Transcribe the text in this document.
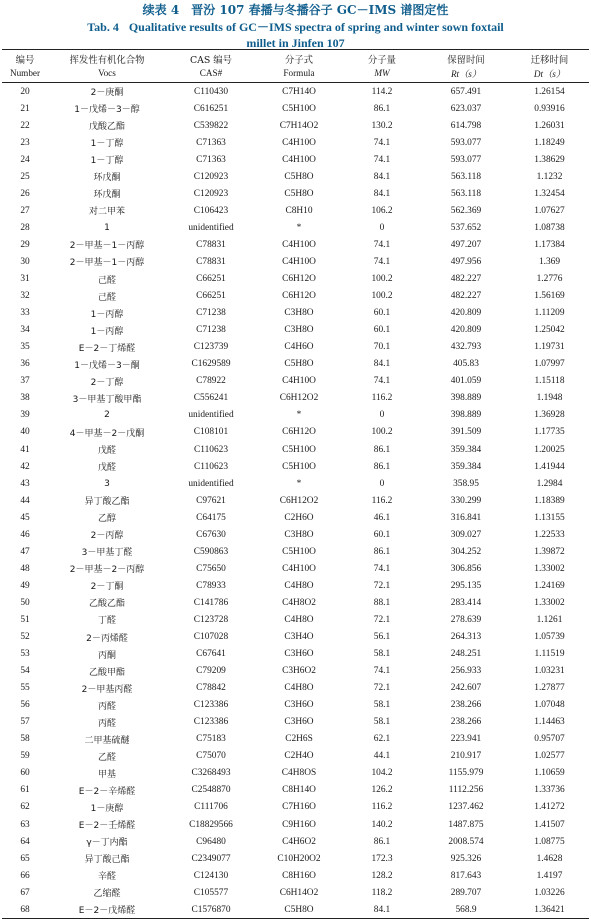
续表 4　晋汾 107 春播与冬播谷子 GC－IMS 谱图定性
Tab. 4 Qualitative results of GC－IMS spectra of spring and winter sown foxtail
millet in Jinfen 107
编号	挥发性有机化合物	CAS 编号	分子式	分子量	保留时间	迁移时间
Number	Vocs	CAS#	Formula	MW	Rt（s）	Dt（s）
20	2－庚酮	C110430	C7H14O	114.2	657.491	1.26154
21	1－戊烯－3－醇	C616251	C5H10O	86.1	623.037	0.93916
22	戊酸乙酯	C539822	C7H14O2	130.2	614.798	1.26031
23	1－丁醇	C71363	C4H10O	74.1	593.077	1.18249
24	1－丁醇	C71363	C4H10O	74.1	593.077	1.38629
25	环戊酮	C120923	C5H8O	84.1	563.118	1.1232
26	环戊酮	C120923	C5H8O	84.1	563.118	1.32454
27	对二甲苯	C106423	C8H10	106.2	562.369	1.07627
28	1	unidentified	*	0	537.652	1.08738
29	2－甲基－1－丙醇	C78831	C4H10O	74.1	497.207	1.17384
30	2－甲基－1－丙醇	C78831	C4H10O	74.1	497.956	1.369
31	己醛	C66251	C6H12O	100.2	482.227	1.2776
32	己醛	C66251	C6H12O	100.2	482.227	1.56169
33	1－丙醇	C71238	C3H8O	60.1	420.809	1.11209
34	1－丙醇	C71238	C3H8O	60.1	420.809	1.25042
35	E－2－丁烯醛	C123739	C4H6O	70.1	432.793	1.19731
36	1－戊烯－3－酮	C1629589	C5H8O	84.1	405.83	1.07997
37	2－丁醇	C78922	C4H10O	74.1	401.059	1.15118
38	3－甲基丁酸甲酯	C556241	C6H12O2	116.2	398.889	1.1948
39	2	unidentified	*	0	398.889	1.36928
40	4－甲基－2－戊酮	C108101	C6H12O	100.2	391.509	1.17735
41	戊醛	C110623	C5H10O	86.1	359.384	1.20025
42	戊醛	C110623	C5H10O	86.1	359.384	1.41944
43	3	unidentified	*	0	358.95	1.2984
44	异丁酸乙酯	C97621	C6H12O2	116.2	330.299	1.18389
45	乙醇	C64175	C2H6O	46.1	316.841	1.13155
46	2－丙醇	C67630	C3H8O	60.1	309.027	1.22533
47	3－甲基丁醛	C590863	C5H10O	86.1	304.252	1.39872
48	2－甲基－2－丙醇	C75650	C4H10O	74.1	306.856	1.33002
49	2－丁酮	C78933	C4H8O	72.1	295.135	1.24169
50	乙酸乙酯	C141786	C4H8O2	88.1	283.414	1.33002
51	丁醛	C123728	C4H8O	72.1	278.639	1.1261
52	2－丙烯醛	C107028	C3H4O	56.1	264.313	1.05739
53	丙酮	C67641	C3H6O	58.1	248.251	1.11519
54	乙酸甲酯	C79209	C3H6O2	74.1	256.933	1.03231
55	2－甲基丙醛	C78842	C4H8O	72.1	242.607	1.27877
56	丙醛	C123386	C3H6O	58.1	238.266	1.07048
57	丙醛	C123386	C3H6O	58.1	238.266	1.14463
58	二甲基硫醚	C75183	C2H6S	62.1	223.941	0.95707
59	乙醛	C75070	C2H4O	44.1	210.917	1.02577
60	甲基	C3268493	C4H8OS	104.2	1155.979	1.10659
61	E－2－辛烯醛	C2548870	C8H14O	126.2	1112.256	1.33736
62	1－庚醇	C111706	C7H16O	116.2	1237.462	1.41272
63	E－2－壬烯醛	C18829566	C9H16O	140.2	1487.875	1.41507
64	γ－丁内酯	C96480	C4H6O2	86.1	2008.574	1.08775
65	异丁酸己酯	C2349077	C10H20O2	172.3	925.326	1.4628
66	辛醛	C124130	C8H16O	128.2	817.643	1.4197
67	乙缩醛	C105577	C6H14O2	118.2	289.707	1.03226
68	E－2－戊烯醛	C1576870	C5H8O	84.1	568.9	1.36421
